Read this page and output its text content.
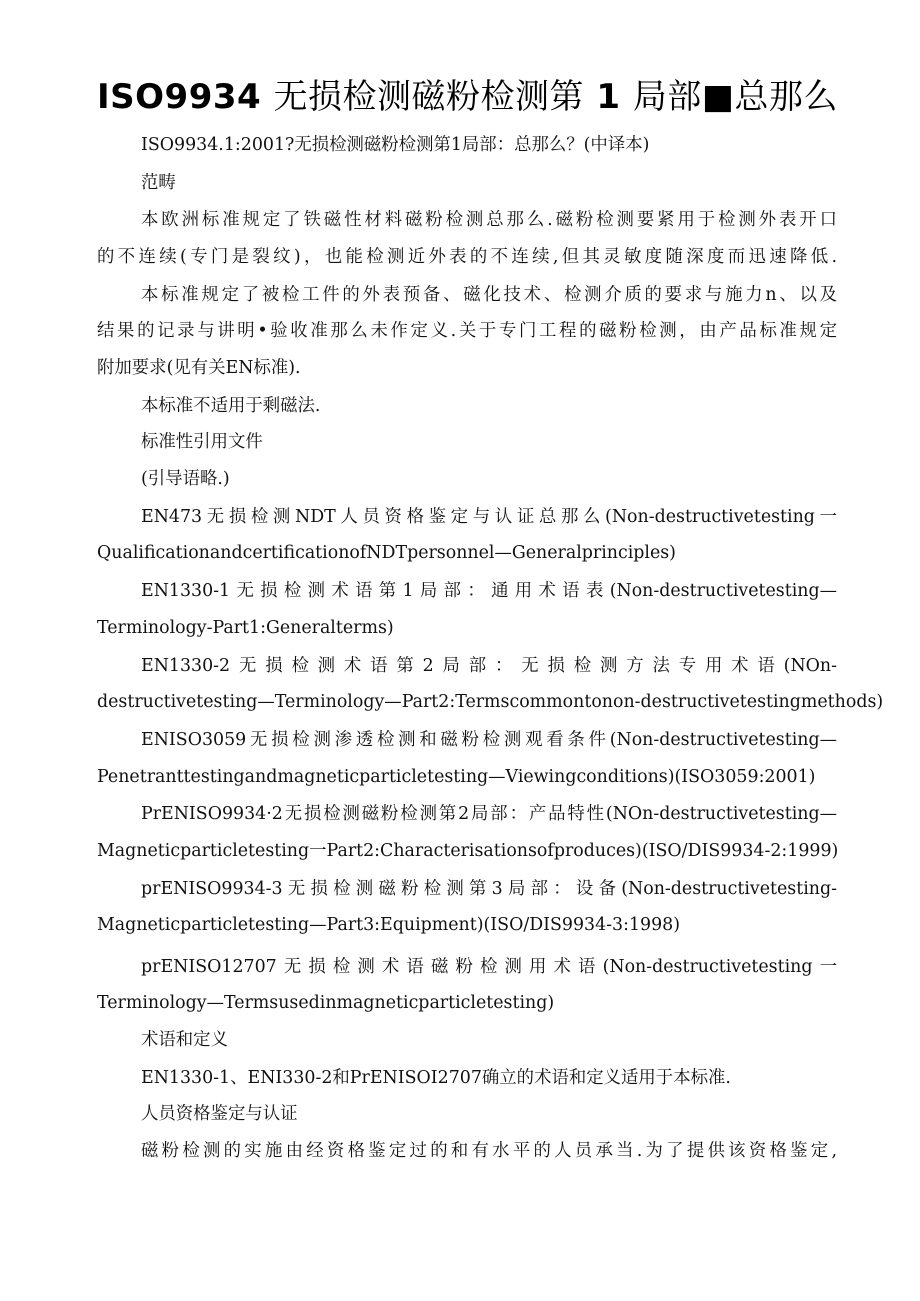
ISO9934 无损检测磁粉检测第 1 局部■总那么
ISO9934.1:2001?无损检测磁粉检测第1局部：总那么？(中译本)
范畴
本欧洲标准规定了铁磁性材料磁粉检测总那么.磁粉检测要紧用于检测外表开口
的不连续(专门是裂纹)，也能检测近外表的不连续,但其灵敏度随深度而迅速降低.
本标准规定了被检工件的外表预备、磁化技术、检测介质的要求与施力n、以及
结果的记录与讲明•验收准那么未作定义.关于专门工程的磁粉检测，由产品标准规定
附加要求(见有关EN标准).
本标准不适用于剩磁法.
标准性引用文件
(引导语略.)
EN473无损检测NDT人员资格鉴定与认证总那么(Non-destructivetesting一
QualificationandcertificationofNDTpersonnel—Generalprinciples)
EN1330-1无损检测术语第1局部：通用术语表(Non-destructivetesting—
Terminology-Part1:Generalterms)
EN1330-2无损检测术语第2局部：无损检测方法专用术语(NOn-
destructivetesting—Terminology—Part2:Termscommontonon-destructivetestingmethods)
ENISO3059无损检测渗透检测和磁粉检测观看条件(Non-destructivetesting—
Penetranttestingandmagneticparticletesting—Viewingconditions)(ISO3059:2001)
PrENISO9934·2无损检测磁粉检测第2局部：产品特性(NOn-destructivetesting—
Magneticparticletesting一Part2:Characterisationsofproduces)(ISO/DIS9934-2:1999)
prENISO9934-3无损检测磁粉检测第3局部：设备(Non-destructivetesting-
Magneticparticletesting—Part3:Equipment)(ISO/DIS9934-3:1998)
prENISO12707无损检测术语磁粉检测用术语(Non-destructivetesting一
Terminology—Termsusedinmagneticparticletesting)
术语和定义
EN1330-1、ENI330-2和PrENISOI2707确立的术语和定义适用于本标准.
人员资格鉴定与认证
磁粉检测的实施由经资格鉴定过的和有水平的人员承当.为了提供该资格鉴定,
